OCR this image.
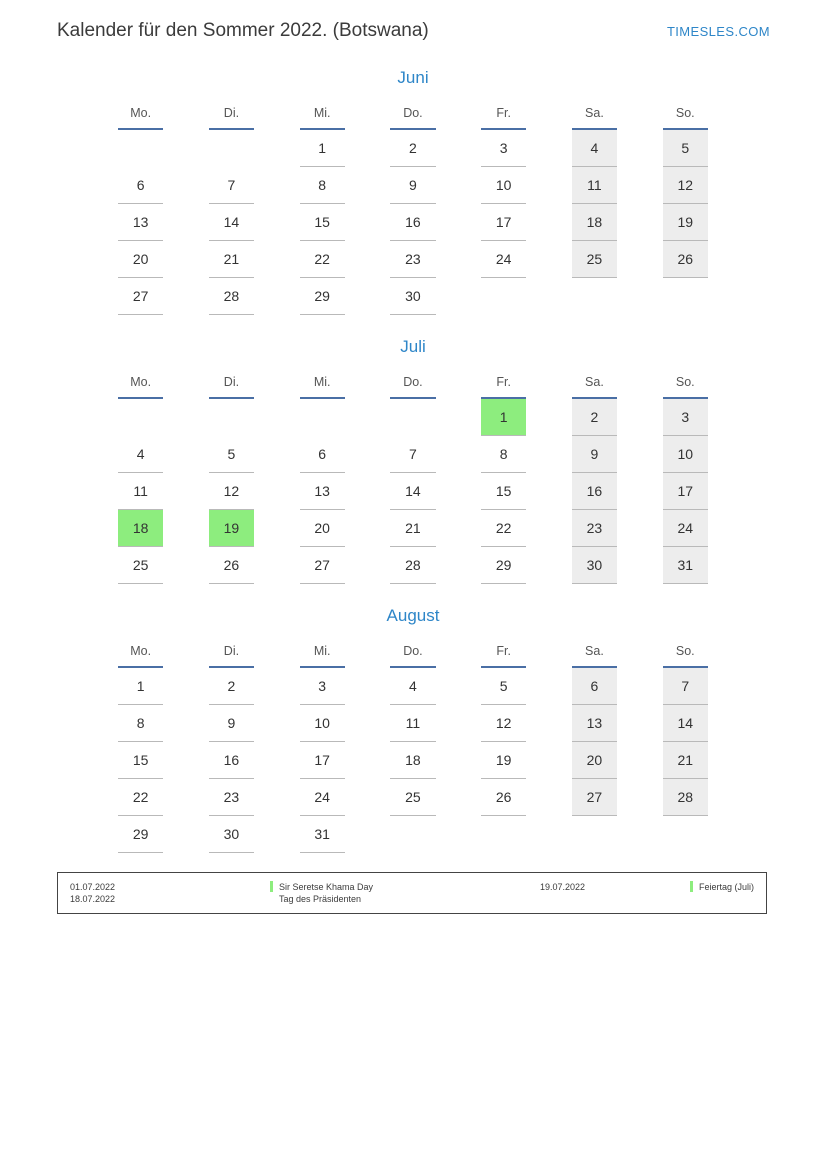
Kalender für den Sommer 2022. (Botswana)	TIMESLES.COM
Juni
Mo.		Di.		Mi.		Do.		Fr.		Sa.		So.
				1		2		3		4		5
6		7		8		9		10		11		12
13		14		15		16		17		18		19
20		21		22		23		24		25		26
27		28		29		30						
Juli
Mo.		Di.		Mi.		Do.		Fr.		Sa.		So.
								1		2		3
4		5		6		7		8		9		10
11		12		13		14		15		16		17
18		19		20		21		22		23		24
25		26		27		28		29		30		31
August
Mo.		Di.		Mi.		Do.		Fr.		Sa.		So.
1		2		3		4		5		6		7
8		9		10		11		12		13		14
15		16		17		18		19		20		21
22		23		24		25		26		27		28
29		30		31								
01.07.2022
18.07.2022
Sir Seretse Khama Day
Tag des Präsidenten
19.07.2022	Feiertag (Juli)
